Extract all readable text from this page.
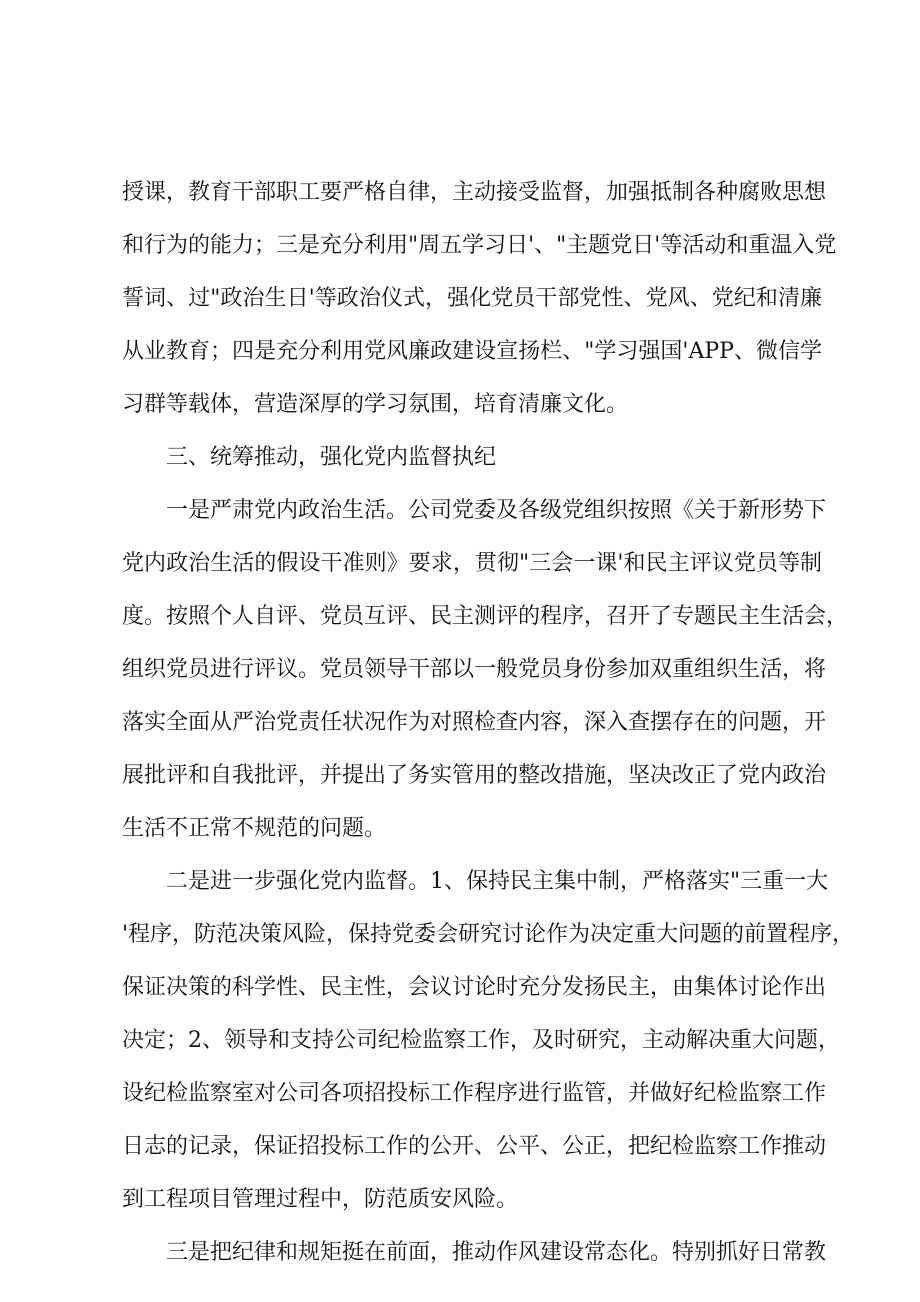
授课，教育干部职工要严格自律，主动接受监督，加强抵制各种腐败思想
和行为的能力；三是充分利用"周五学习日'、"主题党日'等活动和重温入党
誓词、过"政治生日'等政治仪式，强化党员干部党性、党风、党纪和清廉
从业教育；四是充分利用党风廉政建设宣扬栏、"学习强国'APP、微信学
习群等载体，营造深厚的学习氛围，培育清廉文化。
三、统筹推动，强化党内监督执纪
一是严肃党内政治生活。公司党委及各级党组织按照《关于新形势下
党内政治生活的假设干准则》要求，贯彻"三会一课'和民主评议党员等制
度。按照个人自评、党员互评、民主测评的程序，召开了专题民主生活会，
组织党员进行评议。党员领导干部以一般党员身份参加双重组织生活，将
落实全面从严治党责任状况作为对照检查内容，深入查摆存在的问题，开
展批评和自我批评，并提出了务实管用的整改措施，坚决改正了党内政治
生活不正常不规范的问题。
二是进一步强化党内监督。1、保持民主集中制，严格落实"三重一大
'程序，防范决策风险，保持党委会研究讨论作为决定重大问题的前置程序，
保证决策的科学性、民主性，会议讨论时充分发扬民主，由集体讨论作出
决定；2、领导和支持公司纪检监察工作，及时研究，主动解决重大问题，
设纪检监察室对公司各项招投标工作程序进行监管，并做好纪检监察工作
日志的记录，保证招投标工作的公开、公平、公正，把纪检监察工作推动
到工程项目管理过程中，防范质安风险。
三是把纪律和规矩挺在前面，推动作风建设常态化。特别抓好日常教
